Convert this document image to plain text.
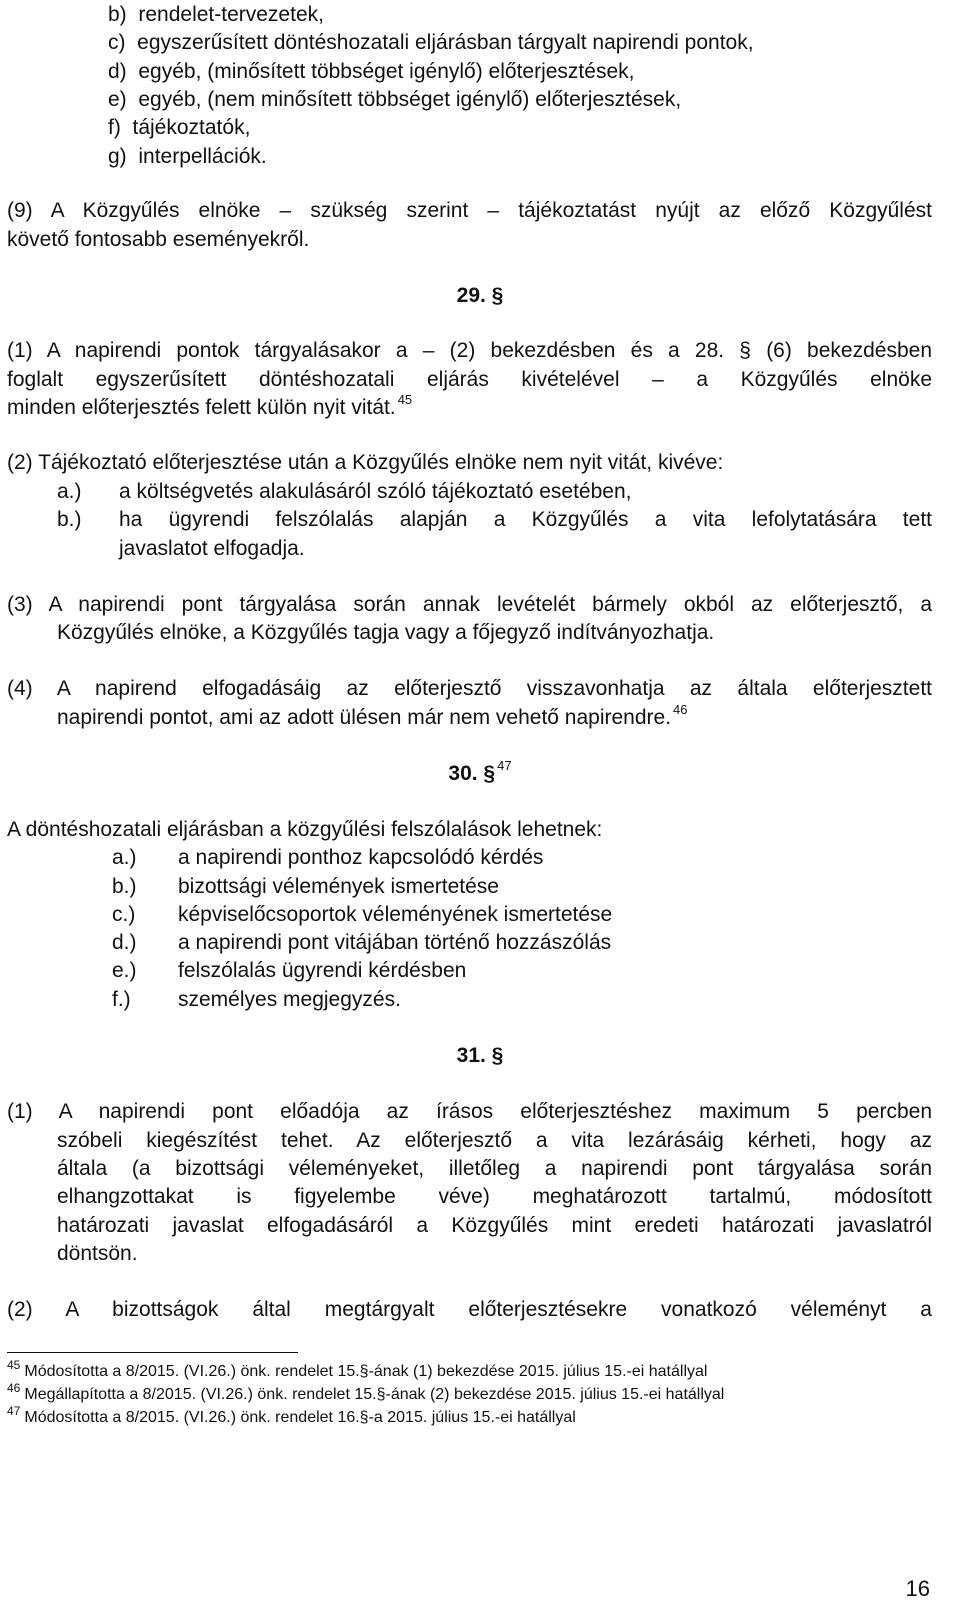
b) rendelet-tervezetek,
c) egyszerűsített döntéshozatali eljárásban tárgyalt napirendi pontok,
d) egyéb, (minősített többséget igénylő) előterjesztések,
e) egyéb, (nem minősített többséget igénylő) előterjesztések,
f) tájékoztatók,
g) interpellációk.
(9) A Közgyűlés elnöke – szükség szerint – tájékoztatást nyújt az előző Közgyűlést
követő fontosabb eseményekről.
29. §
(1) A napirendi pontok tárgyalásakor a – (2) bekezdésben és a 28. § (6) bekezdésben
foglalt egyszerűsített döntéshozatali eljárás kivételével – a Közgyűlés elnöke
minden előterjesztés felett külön nyit vitát. $^{45}$
(2) Tájékoztató előterjesztése után a Közgyűlés elnöke nem nyit vitát, kivéve:
a.) a költségvetés alakulásáról szóló tájékoztató esetében,
b.) ha ügyrendi felszólalás alapján a Közgyűlés a vita lefolytatására tett
javaslatot elfogadja.
(3) A napirendi pont tárgyalása során annak levételét bármely okból az előterjesztő, a
Közgyűlés elnöke, a Közgyűlés tagja vagy a főjegyző indítványozhatja.
(4) A napirend elfogadásáig az előterjesztő visszavonhatja az általa előterjesztett
napirendi pontot, ami az adott ülésen már nem vehető napirendre. $^{46}$
30. § $^{47}$
A döntéshozatali eljárásban a közgyűlési felszólalások lehetnek:
a.) a napirendi ponthoz kapcsolódó kérdés
b.) bizottsági vélemények ismertetése
c.) képviselőcsoportok véleményének ismertetése
d.) a napirendi pont vitájában történő hozzászólás
e.) felszólalás ügyrendi kérdésben
f.) személyes megjegyzés.
31. §
(1) A napirendi pont előadója az írásos előterjesztéshez maximum 5 percben
szóbeli kiegészítést tehet. Az előterjesztő a vita lezárásáig kérheti, hogy az
általa (a bizottsági véleményeket, illetőleg a napirendi pont tárgyalása során
elhangzottakat is figyelembe véve) meghatározott tartalmú, módosított
határozati javaslat elfogadásáról a Közgyűlés mint eredeti határozati javaslatról
döntsön.
(2) A bizottságok által megtárgyalt előterjesztésekre vonatkozó véleményt a
$^{45}$ Módosította a 8/2015. (VI.26.) önk. rendelet 15.§-ának (1) bekezdése 2015. július 15.-ei hatállyal
$^{46}$ Megállapította a 8/2015. (VI.26.) önk. rendelet 15.§-ának (2) bekezdése 2015. július 15.-ei hatállyal
$^{47}$ Módosította a 8/2015. (VI.26.) önk. rendelet 16.§-a 2015. július 15.-ei hatállyal
16
